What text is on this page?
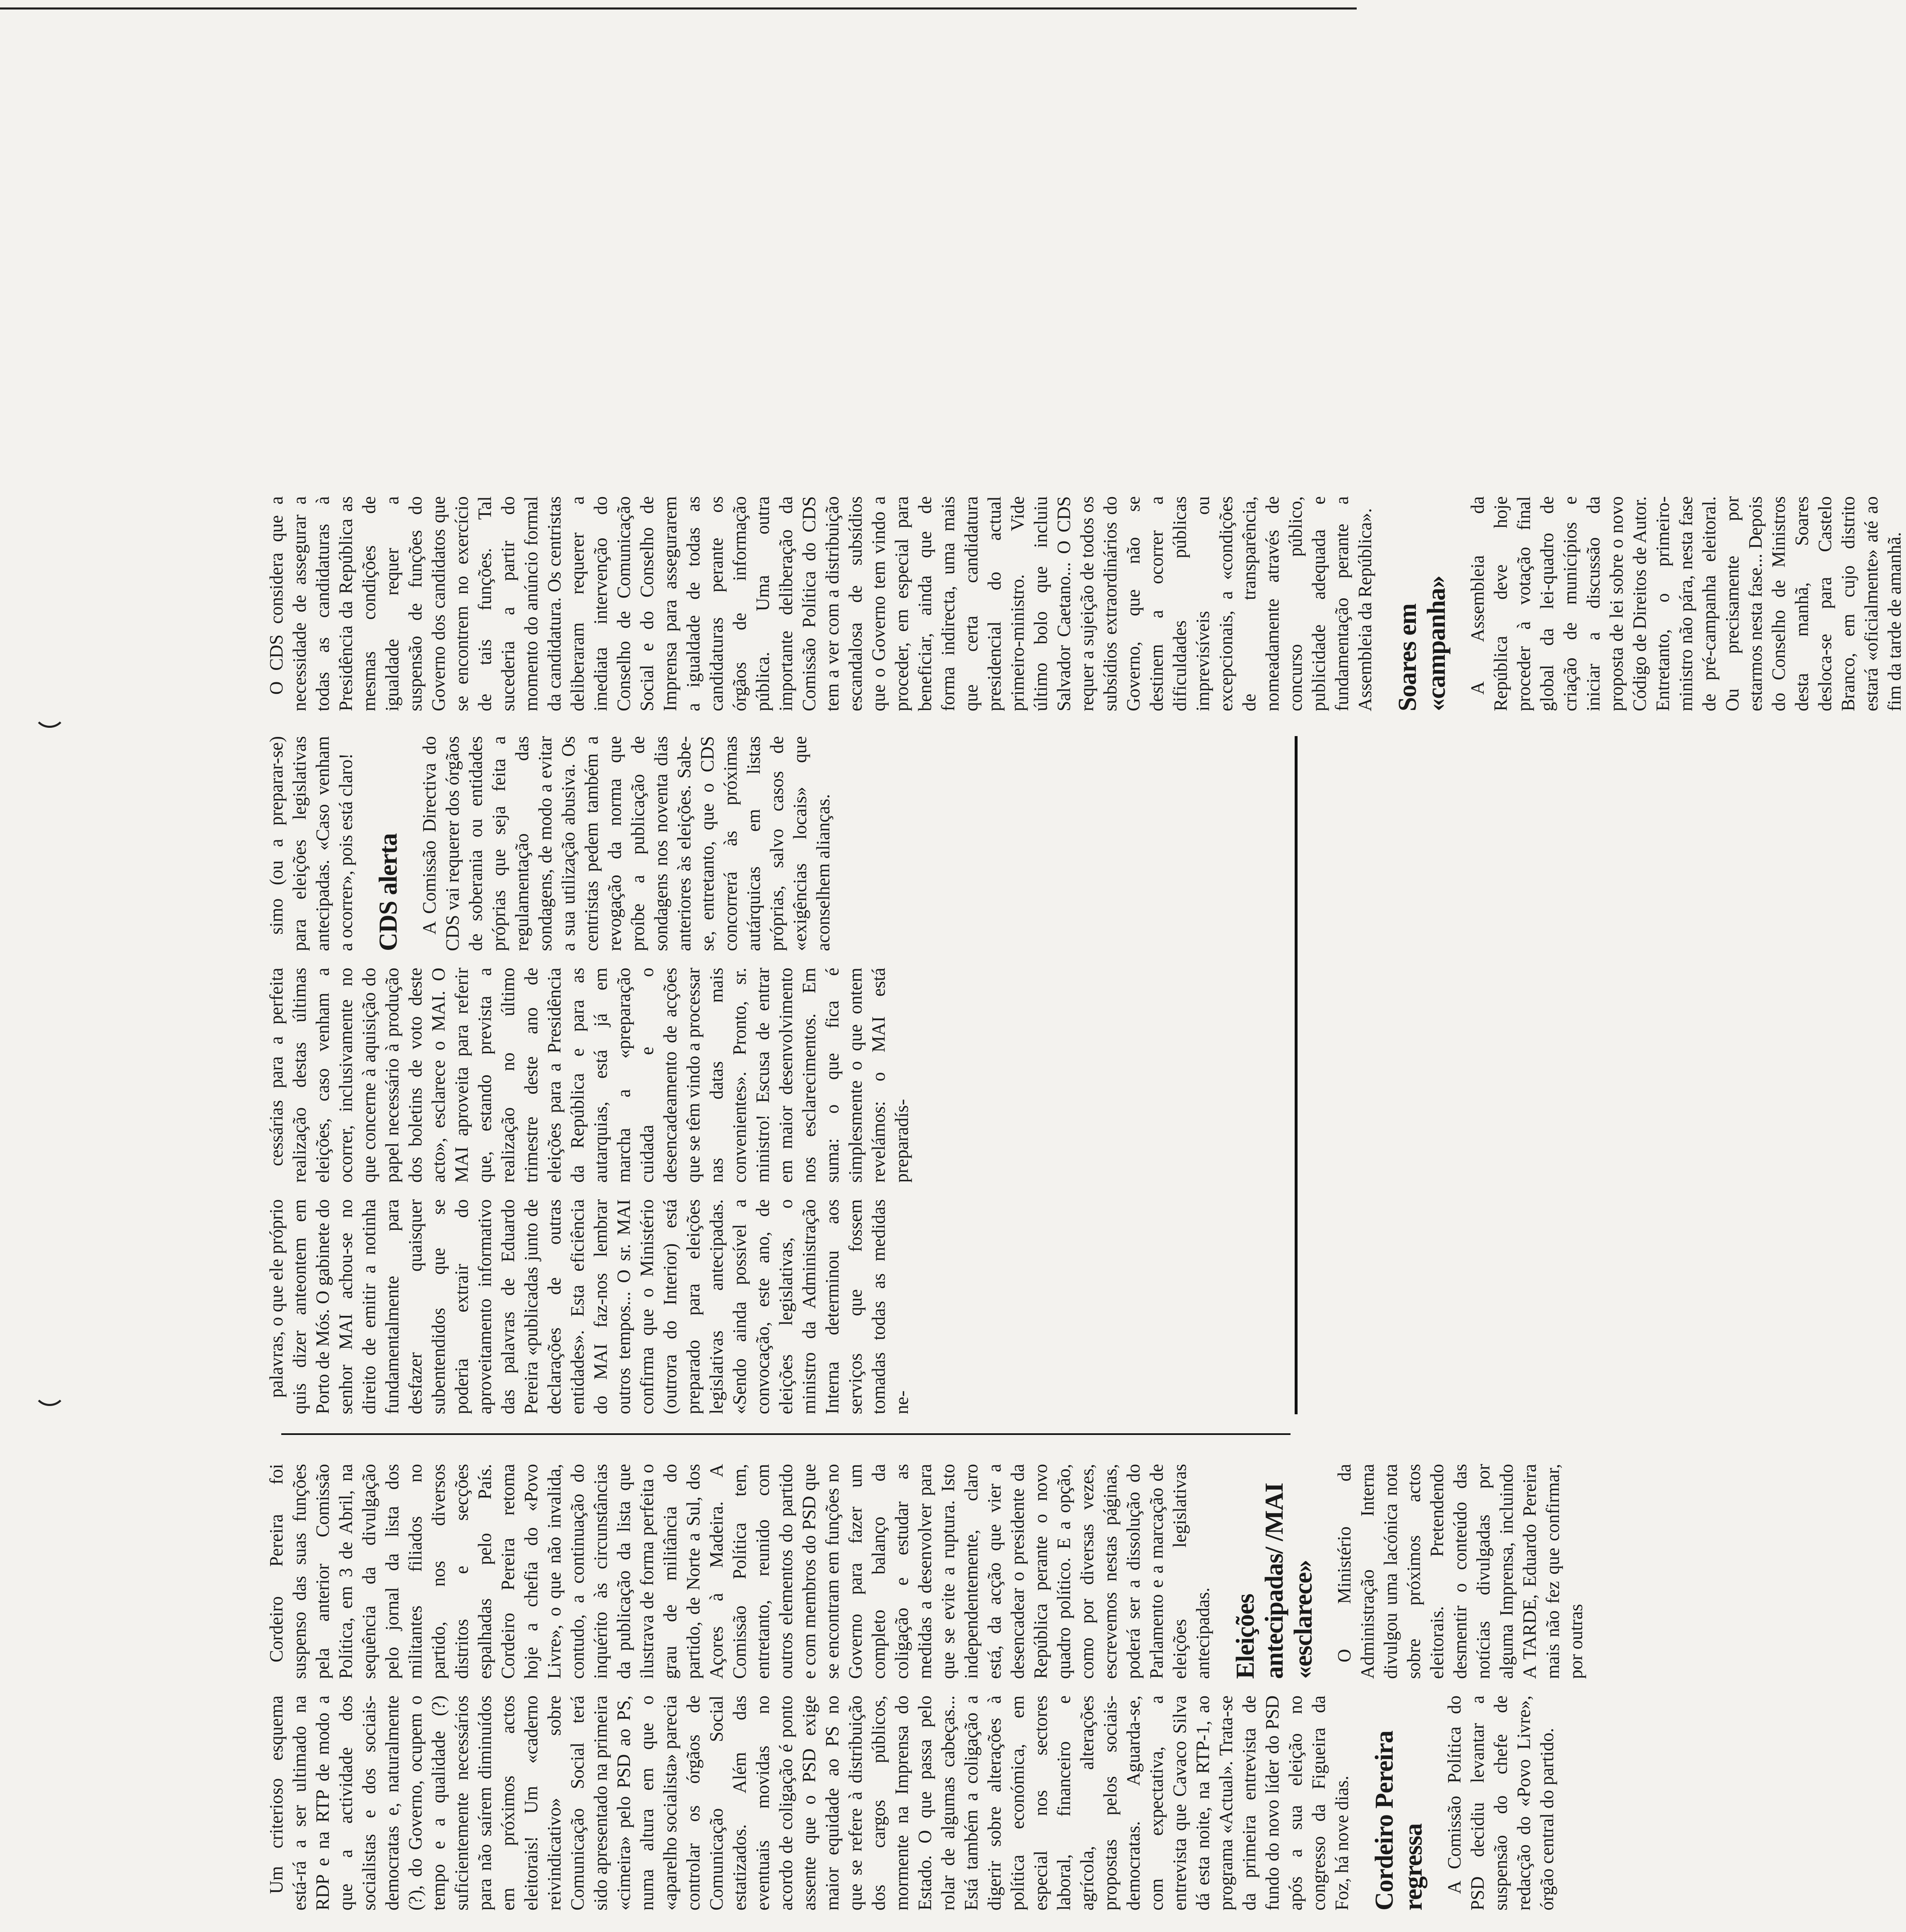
Um criterioso esquema está-rá a ser ultimado na RDP e na RTP de modo a que a actividade dos socialistas e dos sociais-democratas e, naturalmente (?), do Governo, ocupem o tempo e a qualidade (?) suficientemente necessários para não saírem diminuídos em próximos actos eleitorais! Um «caderno reivindicativo» sobre Comunicação Social terá sido apresentado na primeira «cimeira» pelo PSD ao PS, numa altura em que o «aparelho socialista» parecia controlar os órgãos de Comunicação Social estatizados. Além das eventuais movidas no acordo de coligação é ponto assente que o PSD exige maior equidade ao PS no que se refere à distribuição dos cargos públicos, mormente na Imprensa do Estado. O que passa pelo rolar de algumas cabeças... Está também a coligação a digerir sobre alterações à política económica, em especial nos sectores laboral, financeiro e agrícola, alterações propostas pelos sociais-democratas. Aguarda-se, com expectativa, a entrevista que Cavaco Silva dá esta noite, na RTP-1, ao programa «Actual». Trata-se da primeira entrevista de fundo do novo líder do PSD após a sua eleição no congresso da Figueira da Foz, há nove dias. Cordeiro Pereira regressa A Comissão Política do PSD decidiu levantar a suspensão do chefe de redacção do «Povo Livre», órgão central do partido.

Cordeiro Pereira foi suspenso das suas funções pela anterior Comissão Política, em 3 de Abril, na sequência da divulgação pelo jornal da lista dos militantes filiados no partido, nos diversos distritos e secções espalhadas pelo País. Cordeiro Pereira retoma hoje a chefia do «Povo Livre», o que não invalida, contudo, a continuação do inquérito às circunstâncias da publicação da lista que ilustrava de forma perfeita o grau de militância do partido, de Norte a Sul, dos Açores à Madeira. A Comissão Política tem, entretanto, reunido com outros elementos do partido e com membros do PSD que se encontram em funções no Governo para fazer um completo balanço da coligação e estudar as medidas a desenvolver para que se evite a ruptura. Isto independentemente, claro está, da acção que vier a desencadear o presidente da República perante o novo quadro político. E a opção, como por diversas vezes, escrevemos nestas páginas, poderá ser a dissolução do Parlamento e a marcação de eleições legislativas antecipadas. Eleições antecipadas/ /MAI «esclarece» O Ministério da Administração Interna divulgou uma lacónica nota sobre próximos actos eleitorais. Pretendendo desmentir o conteúdo das notícias divulgadas por alguma Imprensa, incluindo A TARDE, Eduardo Pereira mais não fez que confirmar, por outras

palavras, o que ele próprio quis dizer anteontem em Porto de Mós. O gabinete do senhor MAI achou-se no direito de emitir a notinha fundamentalmente para desfazer quaisquer subentendidos que se poderia extrair do aproveitamento informativo das palavras de Eduardo Pereira «publicadas junto de declarações de outras entidades». Esta eficiência do MAI faz-nos lembrar outros tempos... O sr. MAI confirma que o Ministério (outrora do Interior) está preparado para eleições legislativas antecipadas. «Sendo ainda possível a convocação, este ano, de eleições legislativas, o ministro da Administração Interna determinou aos serviços que fossem tomadas todas as medidas ne-

cessárias para a perfeita realização destas últimas eleições, caso venham a ocorrer, inclusivamente no que concerne à aquisição do papel necessário à produção dos boletins de voto deste acto», esclarece o MAI. O MAI aproveita para referir que, estando prevista a realização no último trimestre deste ano de eleições para a Presidência da República e para as autarquias, está já em marcha a «preparação cuidada e o desencadeamento de acções que se têm vindo a processar nas datas mais convenientes». Pronto, sr. ministro! Escusa de entrar em maior desenvolvimento nos esclarecimentos. Em suma: o que fica é simplesmente o que ontem revelámos: o MAI está preparadís-

simo (ou a preparar-se) para eleições legislativas antecipadas. «Caso venham a ocorrer», pois está claro! CDS alerta A Comissão Directiva do CDS vai requerer dos órgãos de soberania ou entidades próprias que seja feita a regulamentação das sondagens, de modo a evitar a sua utilização abusiva. Os centristas pedem também a revogação da norma que proíbe a publicação de sondagens nos noventa dias anteriores às eleições. Sabe-se, entretanto, que o CDS concorrerá às próximas autárquicas em listas próprias, salvo casos de «exigências locais» que aconselhem alianças.

O CDS considera que a necessidade de assegurar a todas as candidaturas à Presidência da República as mesmas condições de igualdade requer a suspensão de funções do Governo dos candidatos que se encontrem no exercício de tais funções. Tal sucederia a partir do momento do anúncio formal da candidatura. Os centristas deliberaram requerer a imediata intervenção do Conselho de Comunicação Social e do Conselho de Imprensa para assegurarem a igualdade de todas as candidaturas perante os órgãos de informação pública. Uma outra importante deliberação da Comissão Política do CDS tem a ver com a distribuição escandalosa de subsídios que o Governo tem vindo a proceder, em especial para beneficiar, ainda que de forma indirecta, uma mais que certa candidatura presidencial do actual primeiro-ministro. Vide último bolo que incluiu Salvador Caetano... O CDS requer a sujeição de todos os subsídios extraordinários do Governo, que não se destinem a ocorrer a dificuldades públicas imprevisíveis ou excepcionais, a «condições de transparência, nomeadamente através de concurso público, publicidade adequada e fundamentação perante a Assembleia da República». Soares em «campanha» A Assembleia da República deve hoje proceder à votação final global da lei-quadro de criação de municípios e iniciar a discussão da proposta de lei sobre o novo Código de Direitos de Autor. Entretanto, o primeiro-ministro não pára, nesta fase de pré-campanha eleitoral. Ou precisamente por estarmos nesta fase... Depois do Conselho de Ministros desta manhã, Soares desloca-se para Castelo Branco, em cujo distrito estará «oficialmente» até ao fim da tarde de amanhã.
